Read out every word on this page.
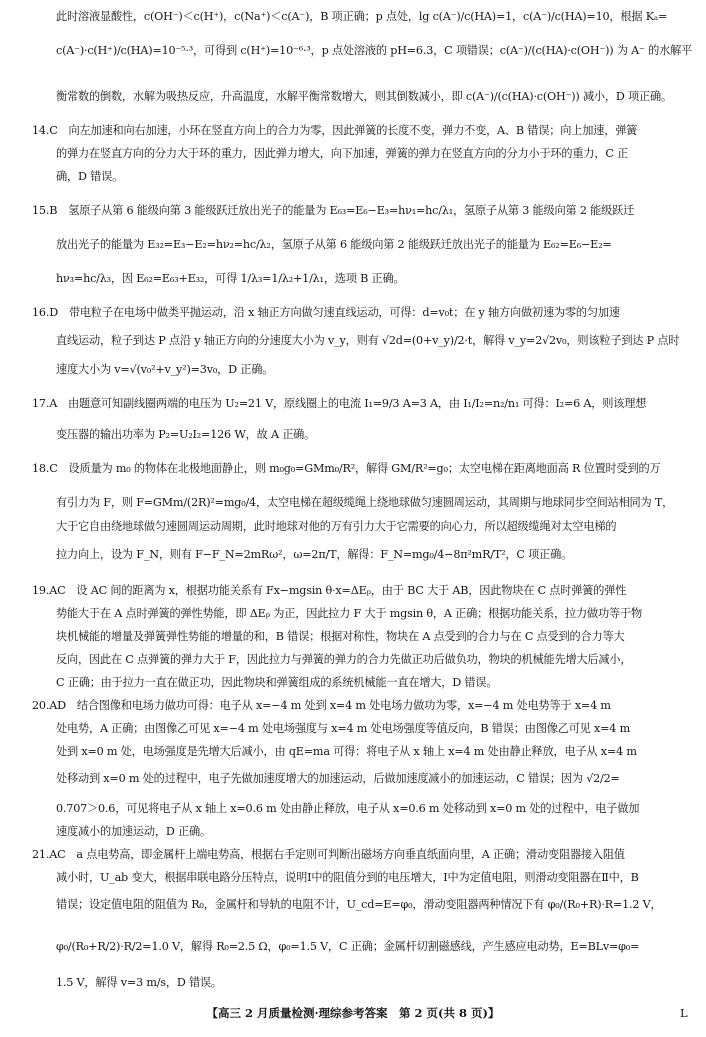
此时溶液显酸性，c(OH⁻)＜c(H⁺)，c(Na⁺)＜c(A⁻)，B 项正确；p 点处，lg c(A⁻)/c(HA)=1，c(A⁻)/c(HA)=10，根据 Kₐ=
c(A⁻)·c(H⁺)/c(HA)=10⁻⁵·³，可得到 c(H⁺)=10⁻⁶·³，p 点处溶液的 pH=6.3，C 项错误；c(A⁻)/(c(HA)·c(OH⁻)) 为 A⁻ 的水解平
衡常数的倒数，水解为吸热反应，升高温度，水解平衡常数增大，则其倒数减小，即 c(A⁻)/(c(HA)·c(OH⁻)) 减小，D 项正确。
14.C　向左加速和向右加速，小环在竖直方向上的合力为零，因此弹簧的长度不变，弹力不变，A、B 错误；向上加速，弹簧
的弹力在竖直方向的分力大于环的重力，因此弹力增大，向下加速，弹簧的弹力在竖直方向的分力小于环的重力，C 正
确，D 错误。
15.B　氢原子从第 6 能级向第 3 能级跃迁放出光子的能量为 E₆₃=E₆−E₃=hν₁=hc/λ₁，氢原子从第 3 能级向第 2 能级跃迁
放出光子的能量为 E₃₂=E₃−E₂=hν₂=hc/λ₂，氢原子从第 6 能级向第 2 能级跃迁放出光子的能量为 E₆₂=E₆−E₂=
hν₃=hc/λ₃，因 E₆₂=E₆₃+E₃₂，可得 1/λ₃=1/λ₂+1/λ₁，选项 B 正确。
16.D　带电粒子在电场中做类平抛运动，沿 x 轴正方向做匀速直线运动，可得：d=v₀t；在 y 轴方向做初速为零的匀加速
直线运动，粒子到达 P 点沿 y 轴正方向的分速度大小为 v_y，则有 √2d=(0+v_y)/2·t，解得 v_y=2√2v₀，则该粒子到达 P 点时
速度大小为 v=√(v₀²+v_y²)=3v₀，D 正确。
17.A　由题意可知副线圈两端的电压为 U₂=21 V，原线圈上的电流 I₁=9/3 A=3 A，由 I₁/I₂=n₂/n₁ 可得：I₂=6 A，则该理想
变压器的输出功率为 P₂=U₂I₂=126 W，故 A 正确。
18.C　设质量为 m₀ 的物体在北极地面静止，则 m₀g₀=GMm₀/R²，解得 GM/R²=g₀；太空电梯在距离地面高 R 位置时受到的万
有引力为 F，则 F=GMm/(2R)²=mg₀/4，太空电梯在超级缆绳上绕地球做匀速圆周运动，其周期与地球同步空间站相同为 T，
大于它自由绕地球做匀速圆周运动周期，此时地球对他的万有引力大于它需要的向心力，所以超级缆绳对太空电梯的
拉力向上，设为 F_N，则有 F−F_N=2mRω²，ω=2π/T，解得：F_N=mg₀/4−8π²mR/T²，C 项正确。
19.AC　设 AC 间的距离为 x，根据功能关系有 Fx−mgsin θ·x=ΔEₚ，由于 BC 大于 AB，因此物块在 C 点时弹簧的弹性
势能大于在 A 点时弹簧的弹性势能，即 ΔEₚ 为正，因此拉力 F 大于 mgsin θ，A 正确；根据功能关系，拉力做功等于物
块机械能的增量及弹簧弹性势能的增量的和，B 错误；根据对称性，物块在 A 点受到的合力与在 C 点受到的合力等大
反向，因此在 C 点弹簧的弹力大于 F，因此拉力与弹簧的弹力的合力先做正功后做负功，物块的机械能先增大后减小，
C 正确；由于拉力一直在做正功，因此物块和弹簧组成的系统机械能一直在增大，D 错误。
20.AD　结合图像和电场力做功可得：电子从 x=−4 m 处到 x=4 m 处电场力做功为零，x=−4 m 处电势等于 x=4 m
处电势，A 正确；由图像乙可见 x=−4 m 处电场强度与 x=4 m 处电场强度等值反向，B 错误；由图像乙可见 x=4 m
处到 x=0 m 处，电场强度是先增大后减小，由 qE=ma 可得：将电子从 x 轴上 x=4 m 处由静止释放，电子从 x=4 m
处移动到 x=0 m 处的过程中，电子先做加速度增大的加速运动，后做加速度减小的加速运动，C 错误；因为 √2/2=
0.707＞0.6，可见将电子从 x 轴上 x=0.6 m 处由静止释放，电子从 x=0.6 m 处移动到 x=0 m 处的过程中，电子做加
速度减小的加速运动，D 正确。
21.AC　a 点电势高，即金属杆上端电势高，根据右手定则可判断出磁场方向垂直纸面向里，A 正确；滑动变阻器接入阻值
减小时，U_ab 变大，根据串联电路分压特点，说明Ⅰ中的阻值分到的电压增大，Ⅰ中为定值电阻，则滑动变阻器在Ⅱ中，B
错误；设定值电阻的阻值为 R₀，金属杆和导轨的电阻不计，U_cd=E=φ₀，滑动变阻器两种情况下有 φ₀/(R₀+R)·R=1.2 V，
φ₀/(R₀+R/2)·R/2=1.0 V，解得 R₀=2.5 Ω，φ₀=1.5 V，C 正确；金属杆切割磁感线，产生感应电动势，E=BLv=φ₀=
1.5 V，解得 v=3 m/s，D 错误。
【高三 2 月质量检测·理综参考答案　第 2 页(共 8 页)】	L
